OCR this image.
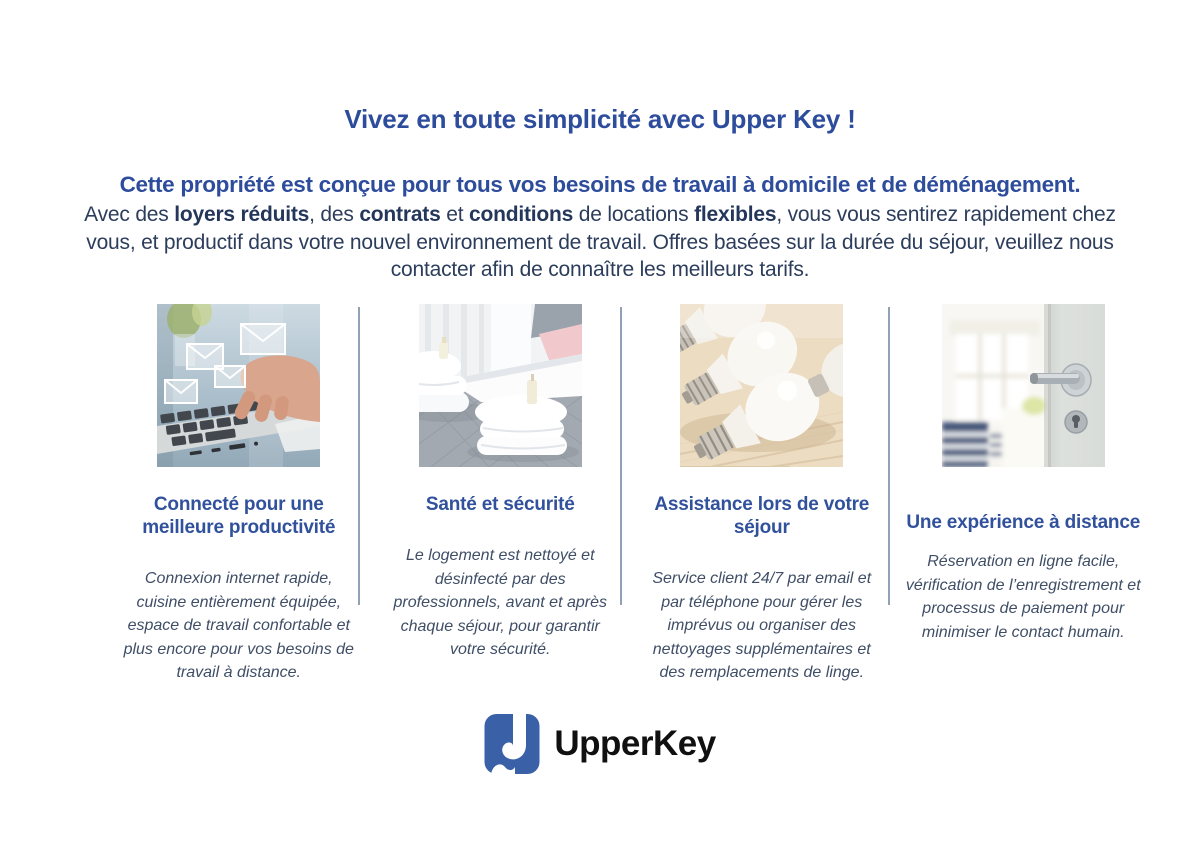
Vivez en toute simplicité avec Upper Key !

Cette propriété est conçue pour tous vos besoins de travail à domicile et de déménagement.

Avec des loyers réduits, des contrats et conditions de locations flexibles, vous vous sentirez rapidement chez vous, et productif dans votre nouvel environnement de travail. Offres basées sur la durée du séjour, veuillez nous contacter afin de connaître les meilleurs tarifs.

Connecté pour une meilleure productivité

Connexion internet rapide, cuisine entièrement équipée, espace de travail confortable et plus encore pour vos besoins de travail à distance.

Santé et sécurité

Le logement est nettoyé et désinfecté par des professionnels, avant et après chaque séjour, pour garantir votre sécurité.

Assistance lors de votre séjour

Service client 24/7 par email et par téléphone pour gérer les imprévus ou organiser des nettoyages supplémentaires et des remplacements de linge.

Une expérience à distance

Réservation en ligne facile, vérification de l’enregistrement et processus de paiement pour minimiser le contact humain.

UpperKey
